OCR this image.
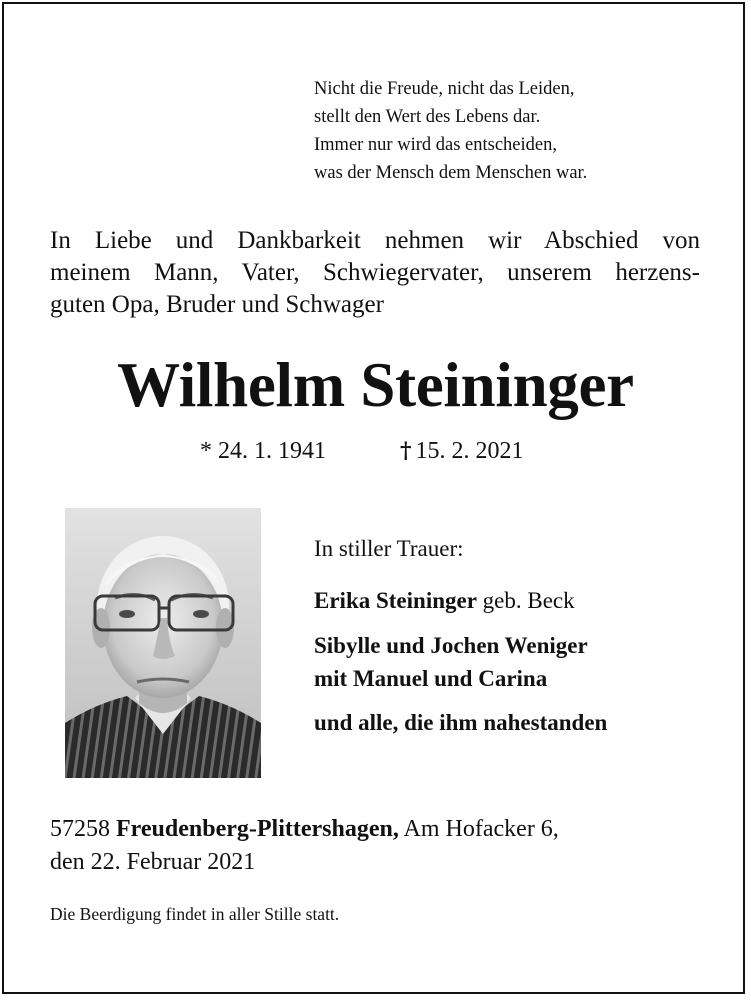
Nicht die Freude, nicht das Leiden,
stellt den Wert des Lebens dar.
Immer nur wird das entscheiden,
was der Mensch dem Menschen war.
In Liebe und Dankbarkeit nehmen wir Abschied von
meinem Mann, Vater, Schwiegervater, unserem herzens-
guten Opa, Bruder und Schwager
Wilhelm Steininger
* 24. 1. 1941	† 15. 2. 2021
In stiller Trauer:
Erika Steininger geb. Beck
Sibylle und Jochen Weniger
mit Manuel und Carina
und alle, die ihm nahestanden
57258 Freudenberg-Plittershagen, Am Hofacker 6,
den 22. Februar 2021
Die Beerdigung findet in aller Stille statt.
